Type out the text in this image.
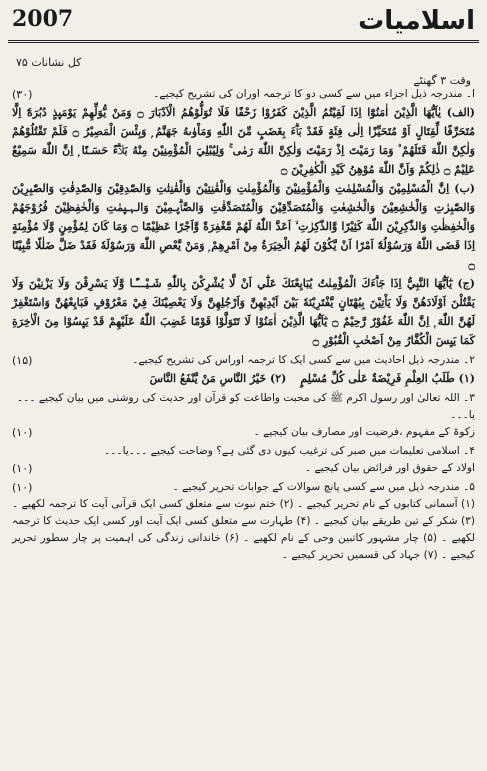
2007	اسلامیات
وقت ۳ گھنٹے
کل نشانات ۷۵
ا۔ مندرجہ ذیل اجزاء میں سے کسی دو کا ترجمہ اوران کی تشریح کیجیے۔
(۳۰)

(الف) يٰاَيُّهَا الَّذِيْنَ اٰمَنُوْٓا اِذَا لَقِيْتُمُ الَّذِيْنَ كَفَرُوْا زَحْفًا فَلَا تُوَلُّوْهُمُ الْاَدْبَارَ ۝ وَمَنْ يُّوَلِّهِمْ يَوْمَىِٕذٍ دُبُرَهٗٓ اِلَّا مُتَحَرِّفًا لِّقِتَالٍ اَوْ مُتَحَيِّزًا اِلٰى فِئَةٍ فَقَدْ بَاۗءَ بِغَضَبٍ مِّنَ اللّٰهِ وَمَاْوٰىهُ جَهَنَّمُ ۭ وَبِئْسَ الْمَصِيْرُ ۝ فَلَمْ تَقْتُلُوْهُمْ وَلٰكِنَّ اللّٰهَ قَتَلَهُمْ ۠ وَمَا رَمَيْتَ اِذْ رَمَيْتَ وَلٰكِنَّ اللّٰهَ رَمٰى ۚ وَلِيُبْلِيَ الْمُؤْمِنِيْنَ مِنْهُ بَلَاۗءً حَسَـنًا ۭ اِنَّ اللّٰهَ سَمِيْعٌ عَلِيْمٌ ۝ ذٰلِكُمْ وَاَنَّ اللّٰهَ مُوْهِنُ كَيْدِ الْكٰفِرِيْنَ ۝

(ب) اِنَّ الْمُسْلِمِيْنَ وَالْمُسْلِمٰتِ وَالْمُؤْمِنِيْنَ وَالْمُؤْمِنٰتِ وَالْقٰنِتِيْنَ وَالْقٰنِتٰتِ وَالصّٰدِقِيْنَ وَالصّٰدِقٰتِ وَالصّٰبِرِيْنَ وَالصّٰبِرٰتِ وَالْخٰشِعِيْنَ وَالْخٰشِعٰتِ وَالْمُتَصَدِّقِيْنَ وَالْمُتَصَدِّقٰتِ وَالصَّاۗىِٕـمِيْنَ وَالـﮩـىِٕمٰتِ وَالْحٰفِظِيْنَ فُرُوْجَهُمْ وَالْحٰفِظٰتِ وَالذّٰكِرِيْنَ اللّٰهَ كَثِيْرًا وَّالذّٰكِرٰتِ ۙ اَعَدَّ اللّٰهُ لَهُمْ مَّغْفِرَةً وَّاَجْرًا عَظِيْمًا ۝ وَمَا كَانَ لِمُؤْمِنٍ وَّلَا مُؤْمِنَةٍ اِذَا قَضَى اللّٰهُ وَرَسُوْلُهٗٓ اَمْرًا اَنْ يَّكُوْنَ لَهُمُ الْخِيَرَةُ مِنْ اَمْرِهِمْ ۭ وَمَنْ يَّعْصِ اللّٰهَ وَرَسُوْلَهٗ فَقَدْ ضَلَّ ضَلٰلًا مُّبِيْنًا ۝

(ج) يٰٓاَيُّهَا النَّبِيُّ اِذَا جَاۗءَكَ الْمُؤْمِنٰتُ يُبَايِعْنَكَ عَلٰٓي اَنْ لَّا يُشْرِكْنَ بِاللّٰهِ شَـيْـــًٔـا وَّلَا يَسْرِقْنَ وَلَا يَزْنِيْنَ وَلَا يَقْتُلْنَ اَوْلَادَهُنَّ وَلَا يَاْتِيْنَ بِبُهْتَانٍ يَّفْتَرِيْنَهٗ بَيْنَ اَيْدِيْهِنَّ وَاَرْجُلِهِنَّ وَلَا يَعْصِيْنَكَ فِيْ مَعْرُوْفٍ فَبَايِعْهُنَّ وَاسْتَغْفِرْ لَهُنَّ اللّٰهَ ۭ اِنَّ اللّٰهَ غَفُوْرٌ رَّحِيْمٌ ۝ يٰٓاَيُّهَا الَّذِيْنَ اٰمَنُوْا لَا تَتَوَلَّوْا قَوْمًا غَضِبَ اللّٰهُ عَلَيْهِمْ قَدْ يَىِٕسُوْا مِنَ الْاٰخِرَةِ كَمَا يَىِٕسَ الْكُفَّارُ مِنْ اَصْحٰبِ الْقُبُوْرِ ۝

۲۔ مندرجہ ذیل احادیث میں سے کسی ایک کا ترجمہ اوراس کی تشریح کیجیے۔
(۱۵)
(۱) طَلَبُ العِلْمِ فَرِيْضَةٌ عَلٰى كُلِّ مُسْلِمٍ
(۲) خَيْرُ النَّاسِ مَنْ يَّنْفَعُ النَّاسَ

۳۔ اللہ تعالیٰ اور رسول اکرم ﷺ کی محبت واطاعت کو قرآن اور حدیث کی روشنی میں بیان کیجیے ۔۔۔یا۔۔۔

زکوۃ کے مفہوم ،فرضیت اور مصارف بیان کیجیے ۔
(۱۰)

۴۔ اسلامی تعلیمات میں صبر کی ترغیب کیوں دی گئی ہے؟ وضاحت کیجیے ۔۔۔یا۔۔۔

اولاد کے حقوق اور فرائض بیان کیجیے ۔
(۱۰)
۵۔ مندرجہ ذیل میں سے کسی پانچ سوالات کے جوابات تحریر کیجیے ۔
(۱۰)

(۱) آسمانی کتابوں کے نام تحریر کیجیے ۔ (۲) ختم نبوت سے متعلق کسی ایک قرآنی آیت کا ترجمہ لکھیے ۔ (۳) شکر کے تین طریقے بیان کیجیے ۔ (۴) طہارت سے متعلق کسی ایک آیت اور کسی ایک حدیث کا ترجمہ لکھیے ۔ (۵) چار مشہور کاتبین وحی کے نام لکھیے ۔ (۶) خاندانی زندگی کی اہمیت پر چار سطور تحریر کیجیے ۔ (۷) جہاد کی قسمیں تحریر کیجیے ۔
